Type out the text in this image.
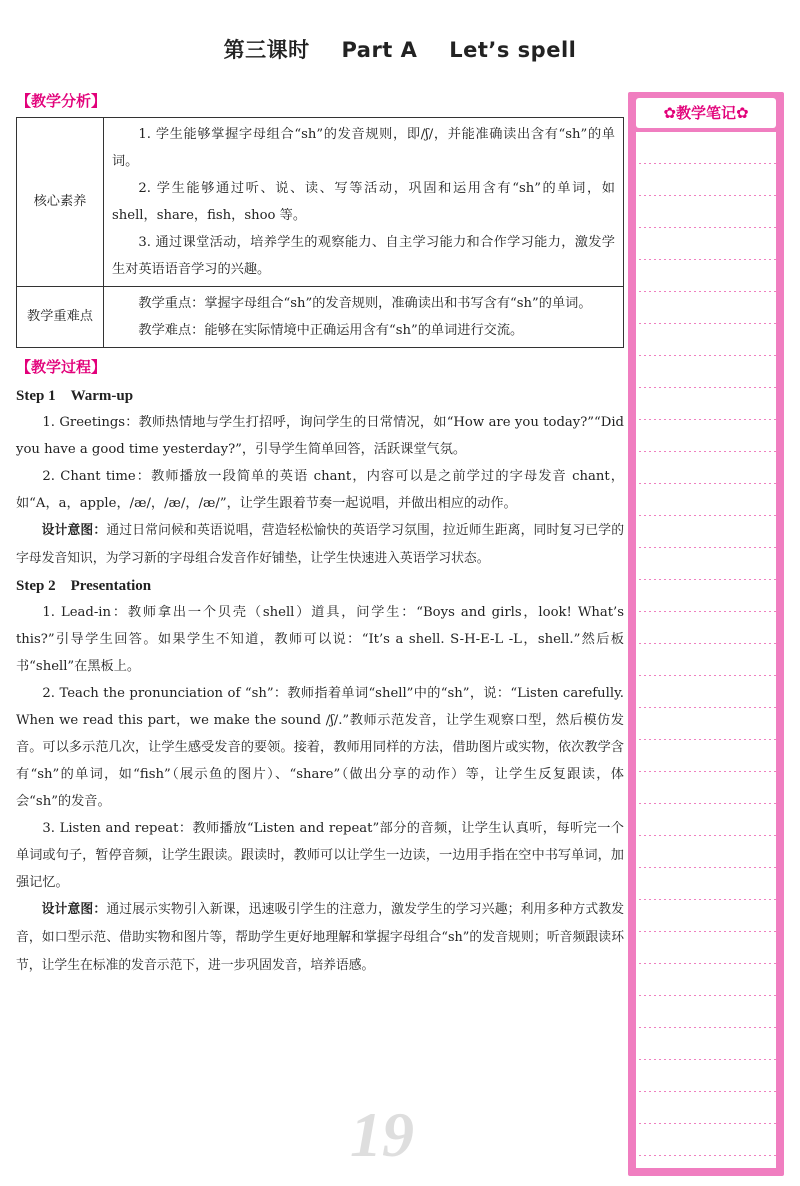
第三课时 Part A Let’s spell
【教学分析】
核心素养	1. 学生能够掌握字母组合“sh”的发音规则，即/ʃ/，并能准确读出含有“sh”的单词。

2. 学生能够通过听、说、读、写等活动，巩固和运用含有“sh”的单词，如 shell，share，fish，shoo 等。

3. 通过课堂活动，培养学生的观察能力、自主学习能力和合作学习能力，激发学生对英语语音学习的兴趣。

教学重难点	教学重点：掌握字母组合“sh”的发音规则，准确读出和书写含有“sh”的单词。

教学难点：能够在实际情境中正确运用含有“sh”的单词进行交流。

【教学过程】

Step 1　Warm-up

1. Greetings：教师热情地与学生打招呼，询问学生的日常情况，如“How are you today?”“Did you have a good time yesterday?”，引导学生简单回答，活跃课堂气氛。

2. Chant time：教师播放一段简单的英语 chant，内容可以是之前学过的字母发音 chant，如“A，a，apple，/æ/，/æ/，/æ/”，让学生跟着节奏一起说唱，并做出相应的动作。

设计意图：通过日常问候和英语说唱，营造轻松愉快的英语学习氛围，拉近师生距离，同时复习已学的字母发音知识，为学习新的字母组合发音作好铺垫，让学生快速进入英语学习状态。

Step 2　Presentation

1. Lead-in：教师拿出一个贝壳（shell）道具，问学生：“Boys and girls，look! What’s this?”引导学生回答。如果学生不知道，教师可以说：“It’s a shell. S-H-E-L -L，shell.”然后板书“shell”在黑板上。

2. Teach the pronunciation of “sh”：教师指着单词“shell”中的“sh”，说：“Listen carefully. When we read this part，we make the sound /ʃ/.”教师示范发音，让学生观察口型，然后模仿发音。可以多示范几次，让学生感受发音的要领。接着，教师用同样的方法，借助图片或实物，依次教学含有“sh”的单词，如“fish”（展示鱼的图片）、“share”（做出分享的动作）等，让学生反复跟读，体会“sh”的发音。

3. Listen and repeat：教师播放“Listen and repeat”部分的音频，让学生认真听，每听完一个单词或句子，暂停音频，让学生跟读。跟读时，教师可以让学生一边读，一边用手指在空中书写单词，加强记忆。

设计意图：通过展示实物引入新课，迅速吸引学生的注意力，激发学生的学习兴趣；利用多种方式教发音，如口型示范、借助实物和图片等，帮助学生更好地理解和掌握字母组合“sh”的发音规则；听音频跟读环节，让学生在标准的发音示范下，进一步巩固发音，培养语感。

✿教学笔记✿
19
